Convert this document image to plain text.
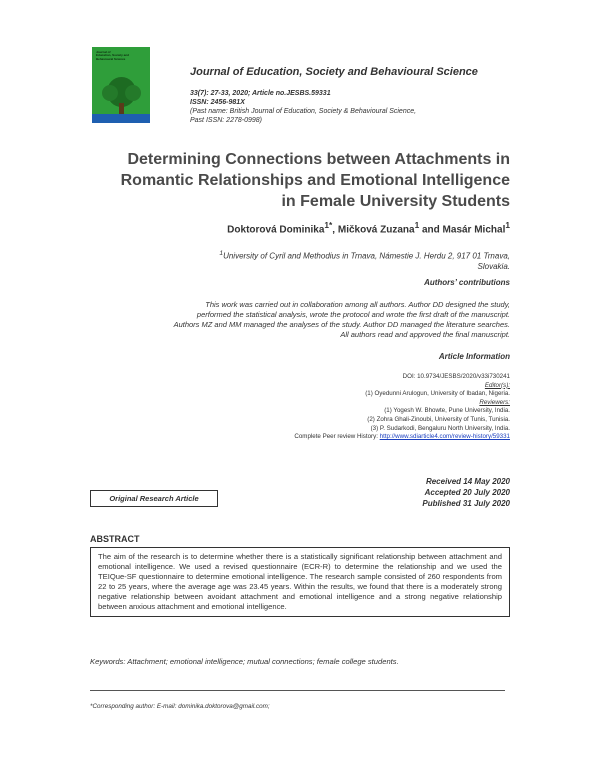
Journal of
Education, Society and
Behavioural Science
Journal of Education, Society and Behavioural Science
33(7): 27-33, 2020; Article no.JESBS.59331
ISSN: 2456-981X
(Past name: British Journal of Education, Society & Behavioural Science,
Past ISSN: 2278-0998)
Determining Connections between Attachments in
Romantic Relationships and Emotional Intelligence
in Female University Students
Doktorová Dominika$^{1*}$, Mičková Zuzana$^1$ and Masár Michal$^1$
$^1$University of Cyril and Methodius in Trnava, Námestie J. Herdu 2, 917 01 Trnava,
Slovakia.
Authors’ contributions
This work was carried out in collaboration among all authors. Author DD designed the study,
performed the statistical analysis, wrote the protocol and wrote the first draft of the manuscript.
Authors MZ and MM managed the analyses of the study. Author DD managed the literature searches.
All authors read and approved the final manuscript.
Article Information
DOI: 10.9734/JESBS/2020/v33i730241
Editor(s):
(1) Oyedunni Arulogun, University of Ibadan, Nigeria.
Reviewers:
(1) Yogesh W. Bhowte, Pune University, India.
(2) Zohra Ghali-Zinoubi, University of Tunis, Tunisia.
(3) P. Sudarkodi, Bengaluru North University, India.
Complete Peer review History: http://www.sdiarticle4.com/review-history/59331
Original Research Article
Received 14 May 2020
Accepted 20 July 2020
Published 31 July 2020
ABSTRACT
The aim of the research is to determine whether there is a statistically significant relationship between attachment and emotional intelligence. We used a revised questionnaire (ECR-R) to determine the relationship and we used the TEIQue-SF questionnaire to determine emotional intelligence. The research sample consisted of 260 respondents from 22 to 25 years, where the average age was 23.45 years. Within the results, we found that there is a moderately strong negative relationship between avoidant attachment and emotional intelligence and a strong negative relationship between anxious attachment and emotional intelligence.
Keywords: Attachment; emotional intelligence; mutual connections; female college students.
*Corresponding author: E-mail: dominika.doktorova@gmail.com;
